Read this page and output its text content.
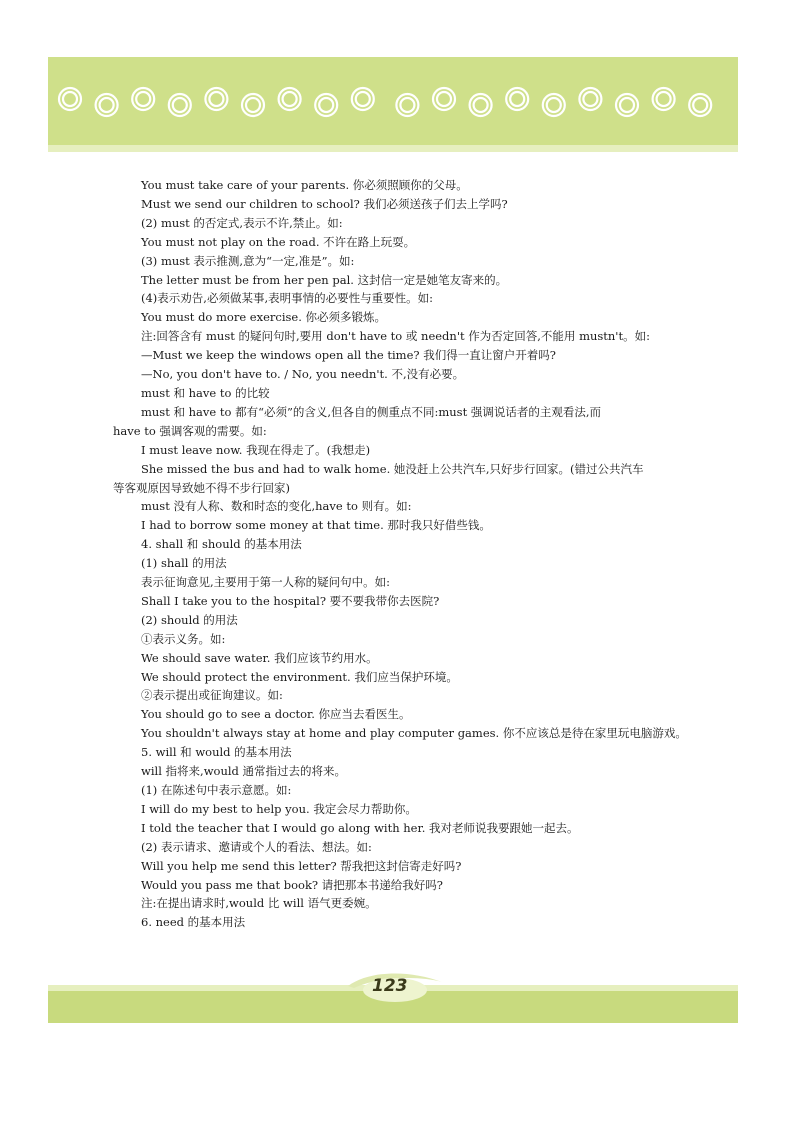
You must take care of your parents. 你必须照顾你的父母。
Must we send our children to school? 我们必须送孩子们去上学吗?
(2) must 的否定式,表示不许,禁止。如:
You must not play on the road. 不许在路上玩耍。
(3) must 表示推测,意为“一定,准是”。如:
The letter must be from her pen pal. 这封信一定是她笔友寄来的。
(4)表示劝告,必须做某事,表明事情的必要性与重要性。如:
You must do more exercise. 你必须多锻炼。
注:回答含有 must 的疑问句时,要用 don't have to 或 needn't 作为否定回答,不能用 mustn't。如:
—Must we keep the windows open all the time? 我们得一直让窗户开着吗?
—No, you don't have to. / No, you needn't. 不,没有必要。
must 和 have to 的比较
must 和 have to 都有“必须”的含义,但各自的侧重点不同:must 强调说话者的主观看法,而
have to 强调客观的需要。如:
I must leave now. 我现在得走了。(我想走)
She missed the bus and had to walk home. 她没赶上公共汽车,只好步行回家。(错过公共汽车
等客观原因导致她不得不步行回家)
must 没有人称、数和时态的变化,have to 则有。如:
I had to borrow some money at that time. 那时我只好借些钱。
4. shall 和 should 的基本用法
(1) shall 的用法
表示征询意见,主要用于第一人称的疑问句中。如:
Shall I take you to the hospital? 要不要我带你去医院?
(2) should 的用法
①表示义务。如:
We should save water. 我们应该节约用水。
We should protect the environment. 我们应当保护环境。
②表示提出或征询建议。如:
You should go to see a doctor. 你应当去看医生。
You shouldn't always stay at home and play computer games. 你不应该总是待在家里玩电脑游戏。
5. will 和 would 的基本用法
will 指将来,would 通常指过去的将来。
(1) 在陈述句中表示意愿。如:
I will do my best to help you. 我定会尽力帮助你。
I told the teacher that I would go along with her. 我对老师说我要跟她一起去。
(2) 表示请求、邀请或个人的看法、想法。如:
Will you help me send this letter? 帮我把这封信寄走好吗?
Would you pass me that book? 请把那本书递给我好吗?
注:在提出请求时,would 比 will 语气更委婉。
6. need 的基本用法
123
